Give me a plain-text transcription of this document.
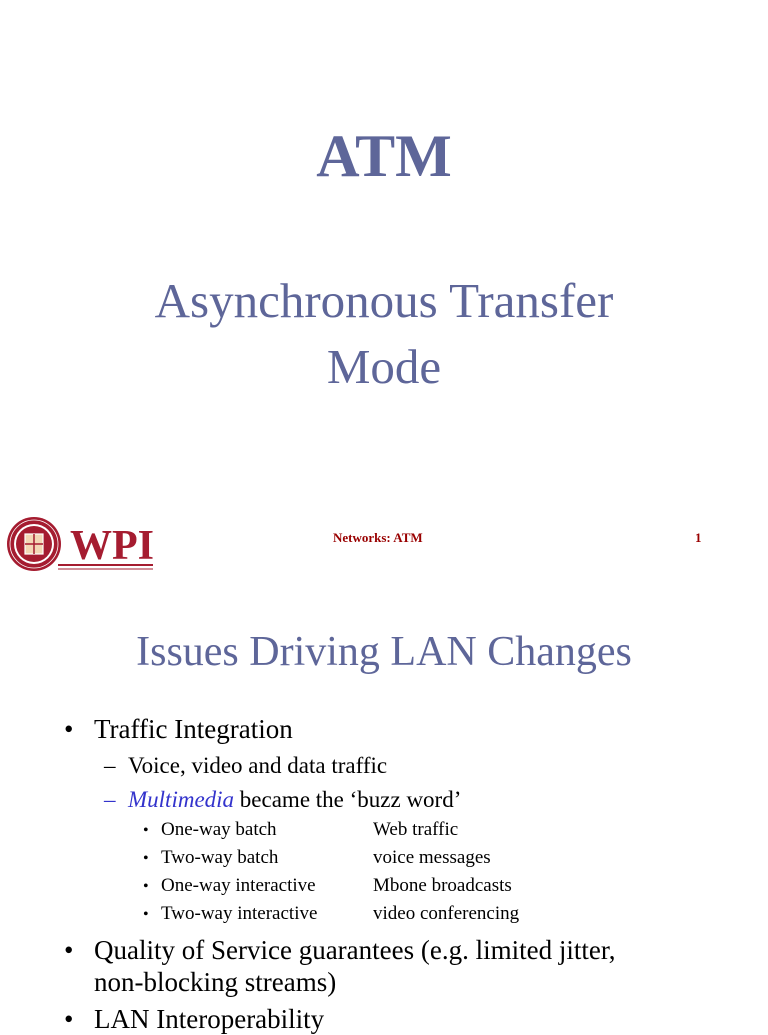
ATM
Asynchronous Transfer
Mode
WPI	Networks: ATM	1
Issues Driving LAN Changes
• Traffic Integration
– Voice, video and data traffic
– Multimedia became the ‘buzz word’
• One-way batch	Web traffic
• Two-way batch	voice messages
• One-way interactive	Mbone broadcasts
• Two-way interactive	video conferencing
• Quality of Service guarantees (e.g. limited jitter,
non-blocking streams)
• LAN Interoperability
